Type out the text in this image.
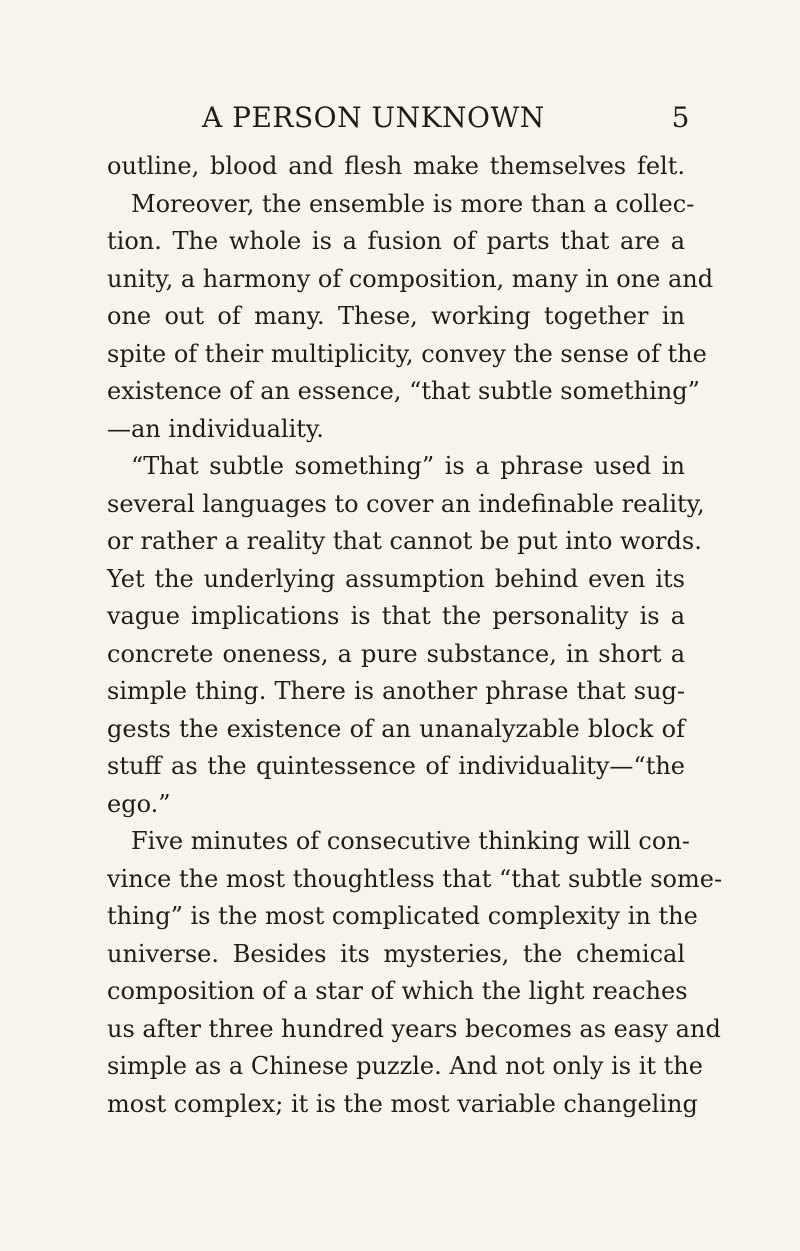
A PERSON UNKNOWN	5
outline, blood and flesh make themselves felt.
Moreover, the ensemble is more than a collec-
tion. The whole is a fusion of parts that are a
unity, a harmony of composition, many in one and
one out of many. These, working together in
spite of their multiplicity, convey the sense of the
existence of an essence, “that subtle something”
—an individuality.
“That subtle something” is a phrase used in
several languages to cover an indefinable reality,
or rather a reality that cannot be put into words.
Yet the underlying assumption behind even its
vague implications is that the personality is a
concrete oneness, a pure substance, in short a
simple thing. There is another phrase that sug-
gests the existence of an unanalyzable block of
stuff as the quintessence of individuality—“the
ego.”
Five minutes of consecutive thinking will con-
vince the most thoughtless that “that subtle some-
thing” is the most complicated complexity in the
universe. Besides its mysteries, the chemical
composition of a star of which the light reaches
us after three hundred years becomes as easy and
simple as a Chinese puzzle. And not only is it the
most complex; it is the most variable changeling
